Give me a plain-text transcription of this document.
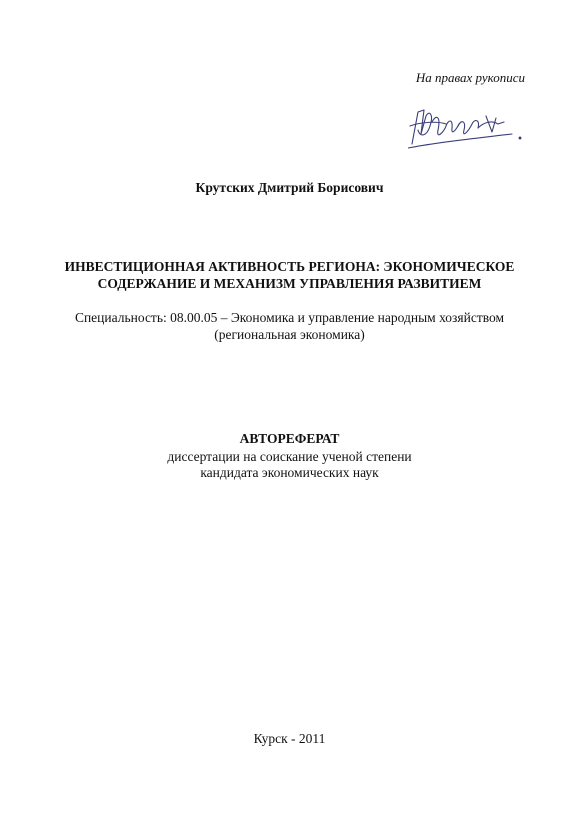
На правах рукописи
Крутских Дмитрий Борисович
ИНВЕСТИЦИОННАЯ АКТИВНОСТЬ РЕГИОНА: ЭКОНОМИЧЕСКОЕ
СОДЕРЖАНИЕ И МЕХАНИЗМ УПРАВЛЕНИЯ РАЗВИТИЕМ
Специальность: 08.00.05 – Экономика и управление народным хозяйством
(региональная экономика)
АВТОРЕФЕРАТ
диссертации на соискание ученой степени
кандидата экономических наук
Курск - 2011
